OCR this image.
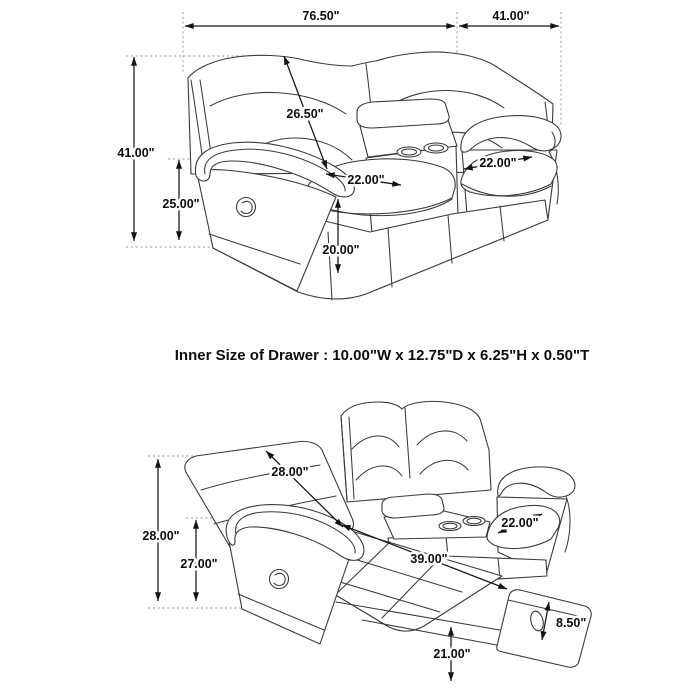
76.50"	41.00"
41.00"
26.50"
25.00"
22.00"
22.00"
20.00"
Inner Size of Drawer : 10.00"W x 12.75"D x 6.25"H x 0.50"T
28.00"
27.00"
28.00"
22.00"
39.00"
8.50"
21.00"
